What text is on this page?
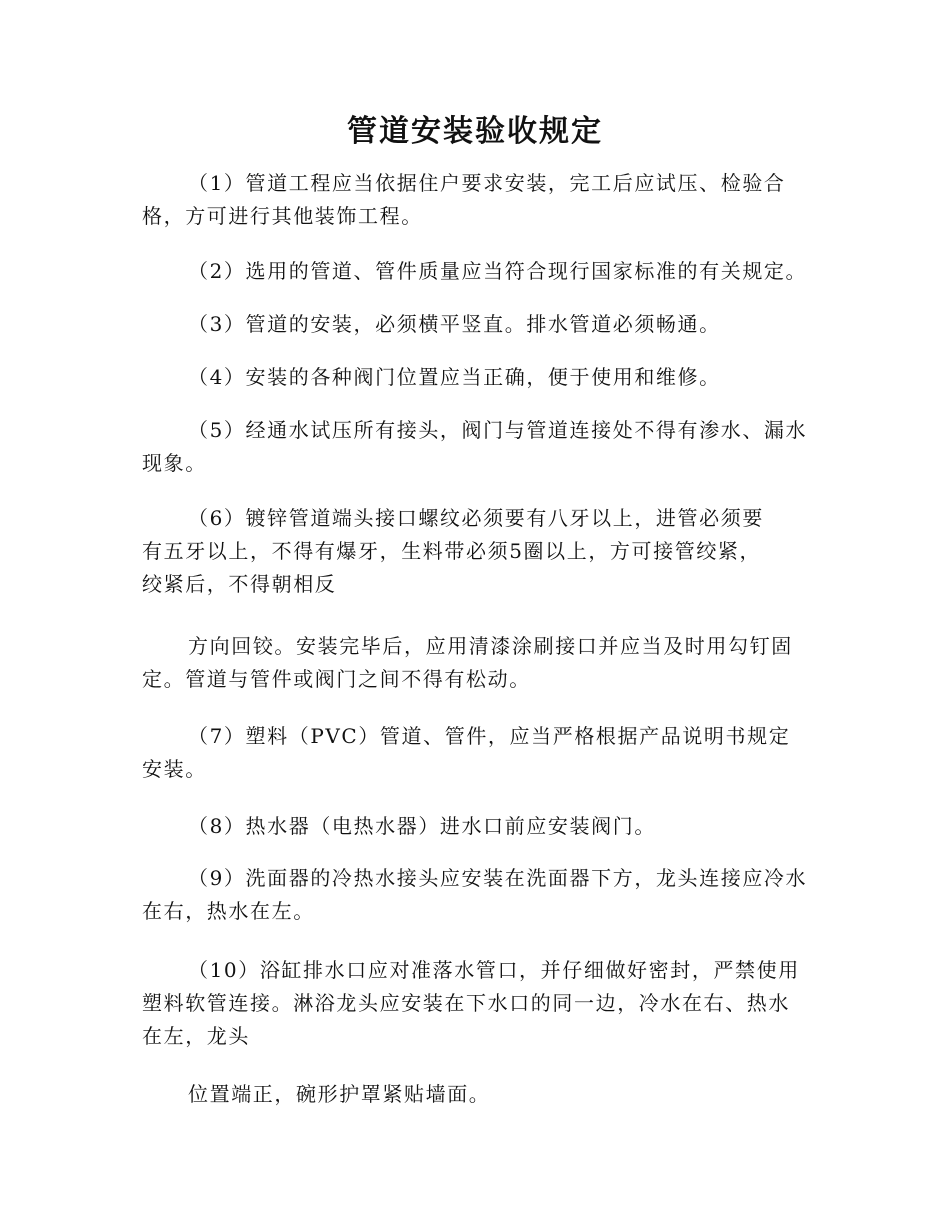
管道安装验收规定

（1）管道工程应当依据住户要求安装，完工后应试压、检验合格，方可进行其他装饰工程。

（2）选用的管道、管件质量应当符合现行国家标准的有关规定。

（3）管道的安装，必须横平竖直。排水管道必须畅通。

（4）安装的各种阀门位置应当正确，便于使用和维修。

（5）经通水试压所有接头，阀门与管道连接处不得有渗水、漏水现象。

（6）镀锌管道端头接口螺纹必须要有八牙以上，进管必须要有五牙以上，不得有爆牙，生料带必须5圈以上，方可接管绞紧，绞紧后，不得朝相反

方向回铰。安装完毕后，应用清漆涂刷接口并应当及时用勾钉固定。管道与管件或阀门之间不得有松动。

（7）塑料（PVC）管道、管件，应当严格根据产品说明书规定安装。

（8）热水器（电热水器）进水口前应安装阀门。

（9）洗面器的冷热水接头应安装在洗面器下方，龙头连接应冷水在右，热水在左。

（10）浴缸排水口应对准落水管口，并仔细做好密封，严禁使用塑料软管连接。淋浴龙头应安装在下水口的同一边，冷水在右、热水在左，龙头

位置端正，碗形护罩紧贴墙面。
